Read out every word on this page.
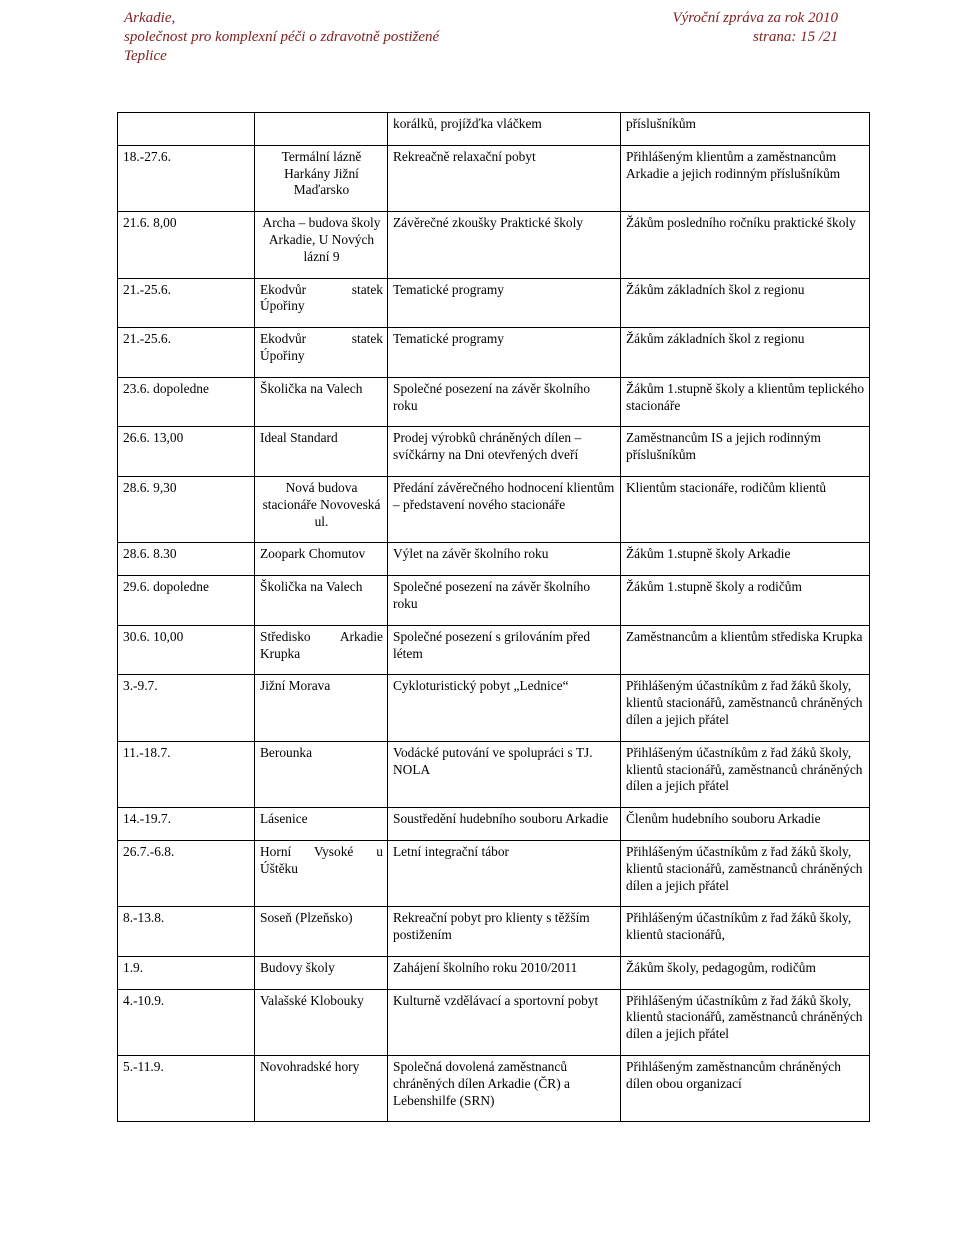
Arkadie,
společnost pro komplexní péči o zdravotně postižené
Teplice
Výroční zpráva za rok 2010
strana: 15 /21
		korálků, projížďka vláčkem	příslušníkům
18.-27.6.	Termální lázně Harkány Jižní Maďarsko	Rekreačně relaxační pobyt	Přihlášeným klientům a zaměstnancům Arkadie a jejich rodinným příslušníkům
21.6. 8,00	Archa – budova školy Arkadie, U Nových lázní 9	Závěrečné zkoušky Praktické školy	Žákům posledního ročníku praktické školy
21.-25.6.	Ekodvůr statek Úpořiny	Tematické programy	Žákům základních škol z regionu
21.-25.6.	Ekodvůr statek Úpořiny	Tematické programy	Žákům základních škol z regionu
23.6. dopoledne	Školička na Valech	Společné posezení na závěr školního roku	Žákům 1.stupně školy a klientům teplického stacionáře
26.6. 13,00	Ideal Standard	Prodej výrobků chráněných dílen – svíčkárny na Dni otevřených dveří	Zaměstnancům IS a jejich rodinným příslušníkům
28.6. 9,30	Nová budova stacionáře Novoveská ul.	Předání závěrečného hodnocení klientům – představení nového stacionáře	Klientům stacionáře, rodičům klientů
28.6. 8.30	Zoopark Chomutov	Výlet na závěr školního roku	Žákům 1.stupně školy Arkadie
29.6. dopoledne	Školička na Valech	Společné posezení na závěr školního roku	Žákům 1.stupně školy a rodičům
30.6. 10,00	Středisko Arkadie Krupka	Společné posezení s grilováním před létem	Zaměstnancům a klientům střediska Krupka
3.-9.7.	Jižní Morava	Cykloturistický pobyt „Lednice“	Přihlášeným účastníkům z řad žáků školy, klientů stacionářů, zaměstnanců chráněných dílen a jejich přátel
11.-18.7.	Berounka	Vodácké putování ve spolupráci s TJ. NOLA	Přihlášeným účastníkům z řad žáků školy, klientů stacionářů, zaměstnanců chráněných dílen a jejich přátel
14.-19.7.	Lásenice	Soustředění hudebního souboru Arkadie	Členům hudebního souboru Arkadie
26.7.-6.8.	Horní Vysoké u Úštěku	Letní integrační tábor	Přihlášeným účastníkům z řad žáků školy, klientů stacionářů, zaměstnanců chráněných dílen a jejich přátel
8.-13.8.	Soseň (Plzeňsko)	Rekreační pobyt pro klienty s těžším postižením	Přihlášeným účastníkům z řad žáků školy, klientů stacionářů,
1.9.	Budovy školy	Zahájení školního roku 2010/2011	Žákům školy, pedagogům, rodičům
4.-10.9.	Valašské Klobouky	Kulturně vzdělávací a sportovní pobyt	Přihlášeným účastníkům z řad žáků školy, klientů stacionářů, zaměstnanců chráněných dílen a jejich přátel
5.-11.9.	Novohradské hory	Společná dovolená zaměstnanců chráněných dílen Arkadie (ČR) a Lebenshilfe (SRN)	Přihlášeným zaměstnancům chráněných dílen obou organizací
